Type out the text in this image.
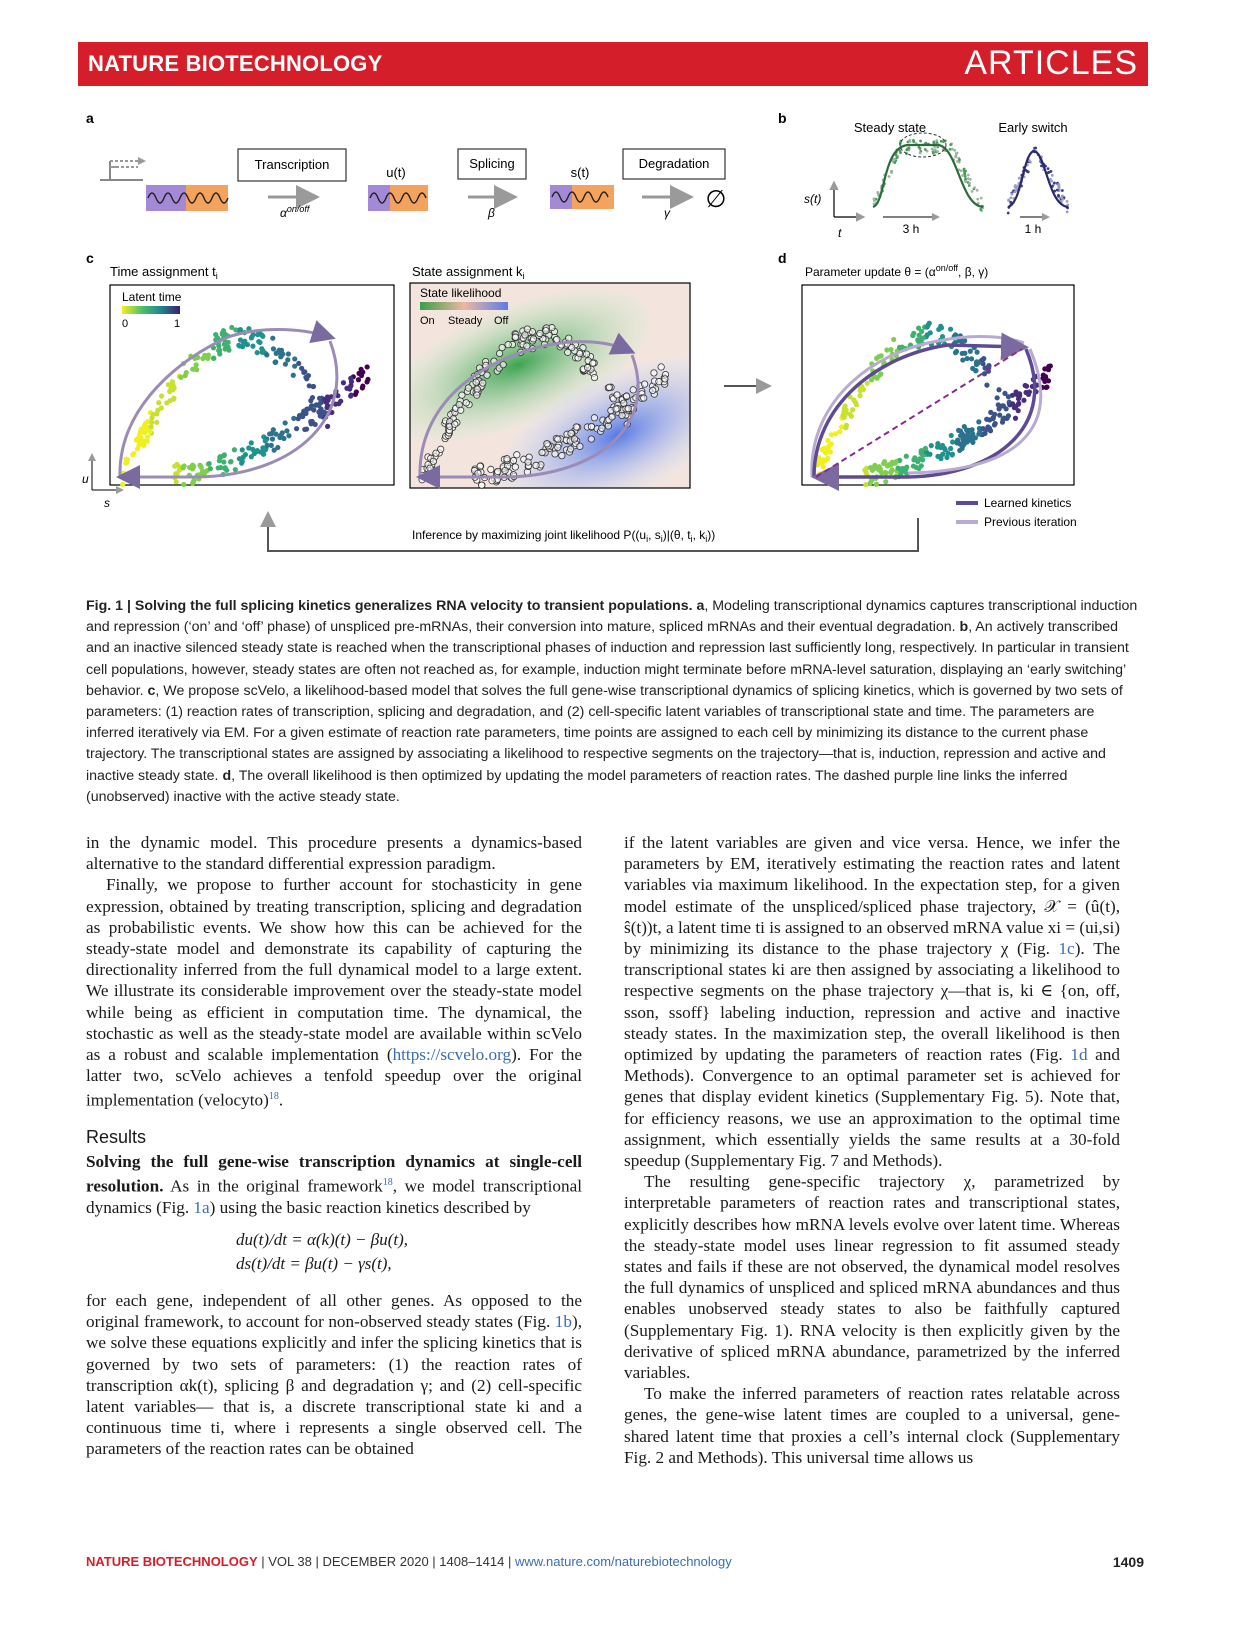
NATURE BIOTECHNOLOGY	ARTICLES
a	b
c	d
Transcription
$\alpha^{on/off}$
u(t)
Splicing
β
s(t)
Degradation
γ ∅
Steady state	Early switch
s(t)
t	3 h	1 h
Time assignment $t_i$
Latent time
0	1
u
s
State assignment $k_i$
State likelihood
On Steady Off
Parameter update $\theta = (\alpha^{on/off}$, β, γ)
Learned kinetics
Previous iteration
Inference by maximizing joint likelihood $P((u_i$, $s_i)|(\theta$, $t_i$, $k_i$))
Fig. 1 | Solving the full splicing kinetics generalizes RNA velocity to transient populations. a, Modeling transcriptional dynamics captures transcriptional induction and repression (‘on’ and ‘off’ phase) of unspliced pre-mRNAs, their conversion into mature, spliced mRNAs and their eventual degradation. b, An actively transcribed and an inactive silenced steady state is reached when the transcriptional phases of induction and repression last sufficiently long, respectively. In particular in transient cell populations, however, steady states are often not reached as, for example, induction might terminate before mRNA-level saturation, displaying an ‘early switching’ behavior. c, We propose scVelo, a likelihood-based model that solves the full gene-wise transcriptional dynamics of splicing kinetics, which is governed by two sets of parameters: (1) reaction rates of transcription, splicing and degradation, and (2) cell-specific latent variables of transcriptional state and time. The parameters are inferred iteratively via EM. For a given estimate of reaction rate parameters, time points are assigned to each cell by minimizing its distance to the current phase trajectory. The transcriptional states are assigned by associating a likelihood to respective segments on the trajectory—that is, induction, repression and active and inactive steady state. d, The overall likelihood is then optimized by updating the model parameters of reaction rates. The dashed purple line links the inferred (unobserved) inactive with the active steady state.

in the dynamic model. This procedure presents a dynamics-based alternative to the standard differential expression paradigm.

Finally, we propose to further account for stochasticity in gene expression, obtained by treating transcription, splicing and degradation as probabilistic events. We show how this can be achieved for the steady-state model and demonstrate its capability of capturing the directionality inferred from the full dynamical model to a large extent. We illustrate its considerable improvement over the steady-state model while being as efficient in computation time. The dynamical, the stochastic as well as the steady-state model are available within scVelo as a robust and scalable implementation (https://scvelo.org). For the latter two, scVelo achieves a tenfold speedup over the original implementation (velocyto)$^{18}$.

Results

Solving the full gene-wise transcription dynamics at single-cell resolution. As in the original framework$^{18}$, we model transcriptional dynamics (Fig. 1a) using the basic reaction kinetics described by

du(t)/dt = α(k)(t) − βu(t),
ds(t)/dt = βu(t) − γs(t),

for each gene, independent of all other genes. As opposed to the original framework, to account for non-observed steady states (Fig. 1b), we solve these equations explicitly and infer the splicing kinetics that is governed by two sets of parameters: (1) the reaction rates of transcription αk(t), splicing β and degradation γ; and (2) cell-specific latent variables— that is, a discrete transcriptional state ki and a continuous time ti, where i represents a single observed cell. The parameters of the reaction rates can be obtained

if the latent variables are given and vice versa. Hence, we infer the parameters by EM, iteratively estimating the reaction rates and latent variables via maximum likelihood. In the expectation step, for a given model estimate of the unspliced/spliced phase trajectory, 𝒳 = (û(t), ŝ(t))t, a latent time ti is assigned to an observed mRNA value xi = (ui,si) by minimizing its distance to the phase trajectory χ (Fig. 1c). The transcriptional states ki are then assigned by associating a likelihood to respective segments on the phase trajectory χ—that is, ki ∈ {on, off, sson, ssoff} labeling induction, repression and active and inactive steady states. In the maximization step, the overall likelihood is then optimized by updating the parameters of reaction rates (Fig. 1d and Methods). Convergence to an optimal parameter set is achieved for genes that display evident kinetics (Supplementary Fig. 5). Note that, for efficiency reasons, we use an approximation to the optimal time assignment, which essentially yields the same results at a 30-fold speedup (Supplementary Fig. 7 and Methods).

The resulting gene-specific trajectory χ, parametrized by interpretable parameters of reaction rates and transcriptional states, explicitly describes how mRNA levels evolve over latent time. Whereas the steady-state model uses linear regression to fit assumed steady states and fails if these are not observed, the dynamical model resolves the full dynamics of unspliced and spliced mRNA abundances and thus enables unobserved steady states to also be faithfully captured (Supplementary Fig. 1). RNA velocity is then explicitly given by the derivative of spliced mRNA abundance, parametrized by the inferred variables.

To make the inferred parameters of reaction rates relatable across genes, the gene-wise latent times are coupled to a universal, gene-shared latent time that proxies a cell’s internal clock (Supplementary Fig. 2 and Methods). This universal time allows us

NATURE BIOTECHNOLOGY | VOL 38 | DECEMBER 2020 | 1408–1414 | www.nature.com/naturebiotechnology	1409
